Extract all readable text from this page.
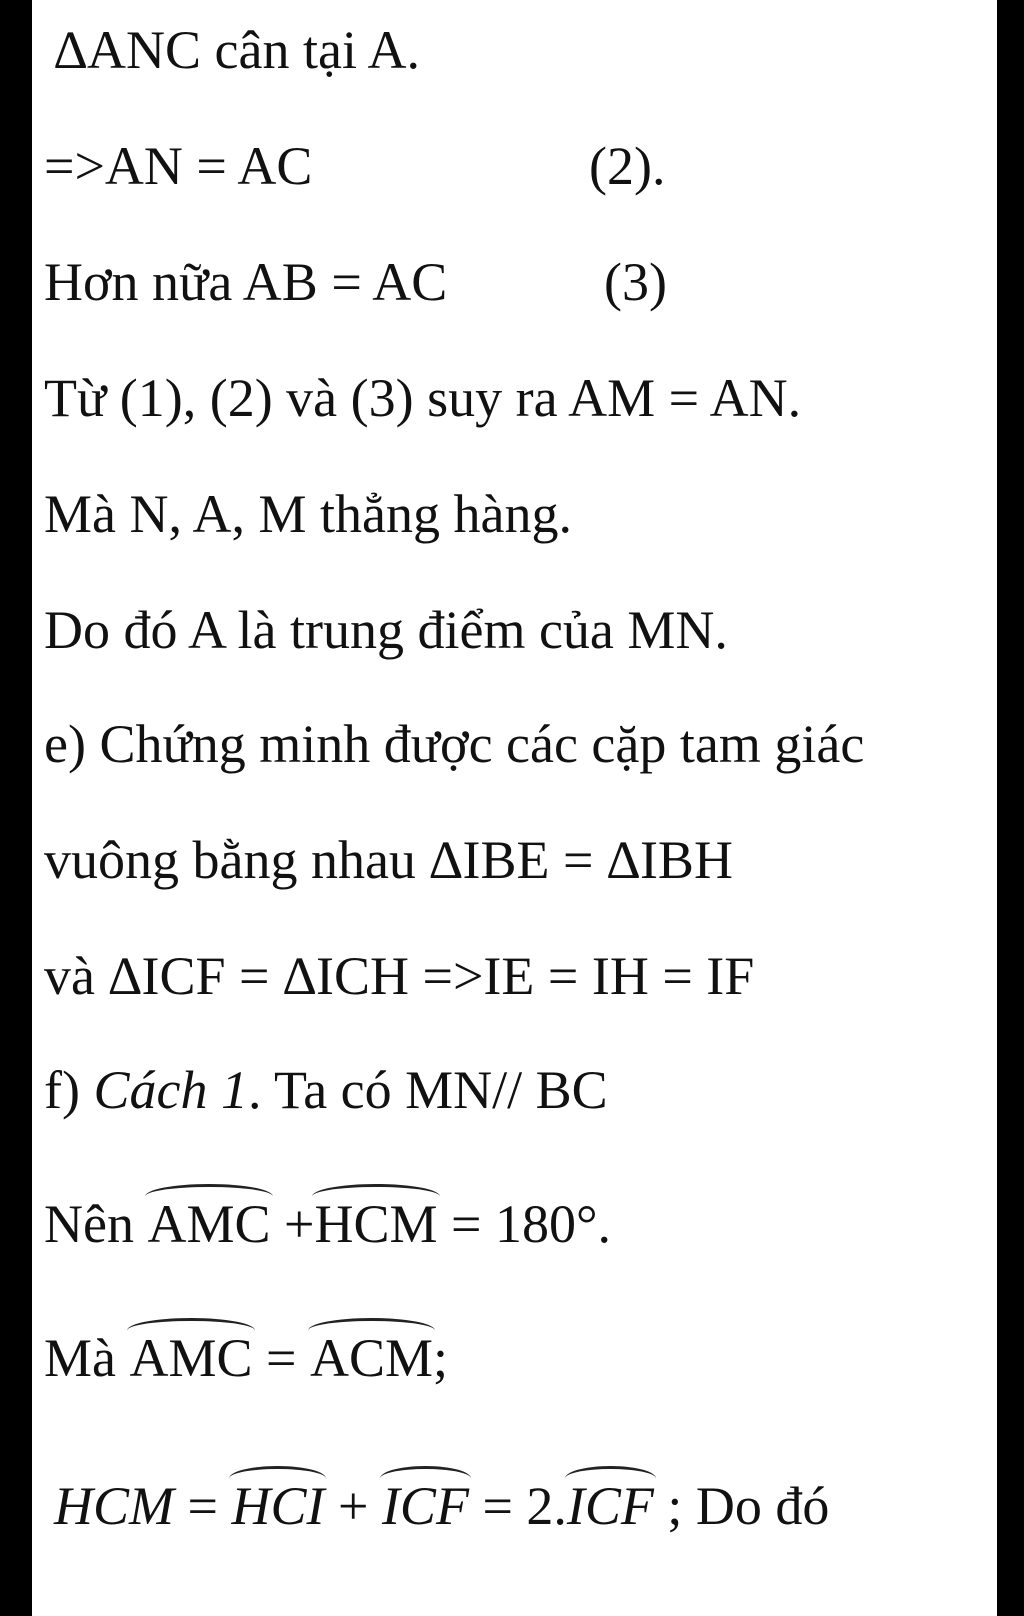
∆ANC cân tại A.
=>AN = AC	(2).
Hơn nữa AB = AC	(3)
Từ (1), (2) và (3) suy ra AM = AN.
Mà N, A, M thẳng hàng.
Do đó A là trung điểm của MN.
e) Chứng minh được các cặp tam giác
vuông bằng nhau ∆IBE = ∆IBH
và ∆ICF = ∆ICH =>IE = IH = IF
f) Cách 1. Ta có MN// BC
Nên AMC +HCM = 180°.
Mà AMC = ACM;
HCM = HCI + ICF = 2.ICF ; Do đó
